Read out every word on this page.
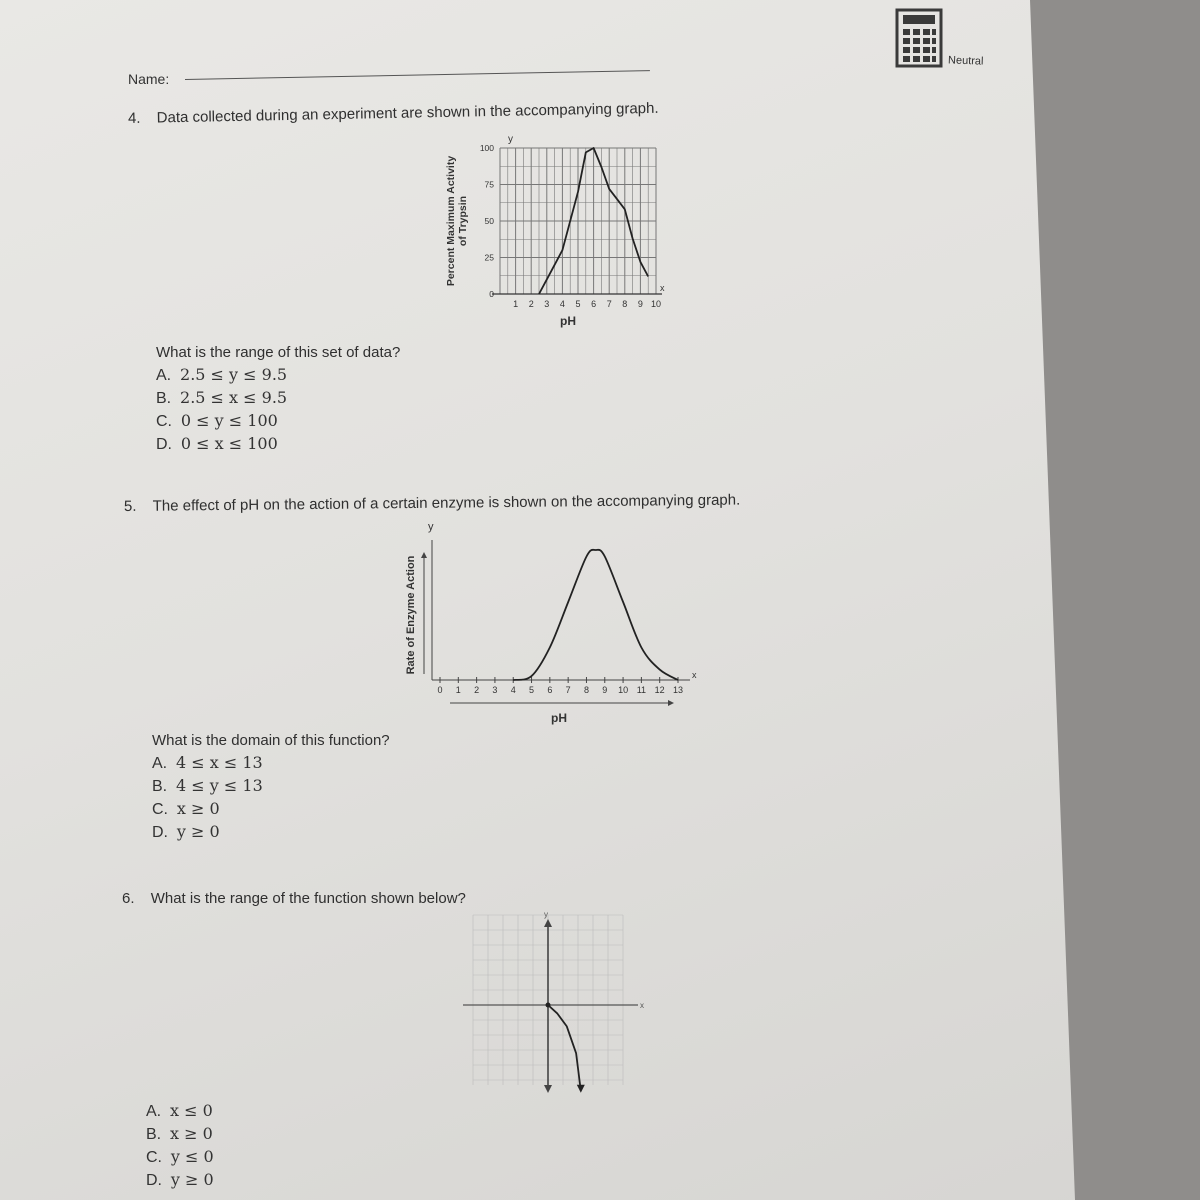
Neutral
Name:
4. Data collected during an experiment are shown in the accompanying graph.
0
25
50
75
100
1 2 3 4 5 6 7 8 9 10
x
y
pH
Percent Maximum Activity of Trypsin
What is the range of this set of data?
A. 2.5 ≤ y ≤ 9.5
B. 2.5 ≤ x ≤ 9.5
C. 0 ≤ y ≤ 100
D. 0 ≤ x ≤ 100
5. The effect of pH on the action of a certain enzyme is shown on the accompanying graph.
0 1 2 3 4 5 6 7 8 9 10 11 12 13
x
y
pH
Rate of Enzyme Action
What is the domain of this function?
A. 4 ≤ x ≤ 13
B. 4 ≤ y ≤ 13
C. x ≥ 0
D. y ≥ 0
6. What is the range of the function shown below?
y
x
A. x ≤ 0
B. x ≥ 0
C. y ≤ 0
D. y ≥ 0
